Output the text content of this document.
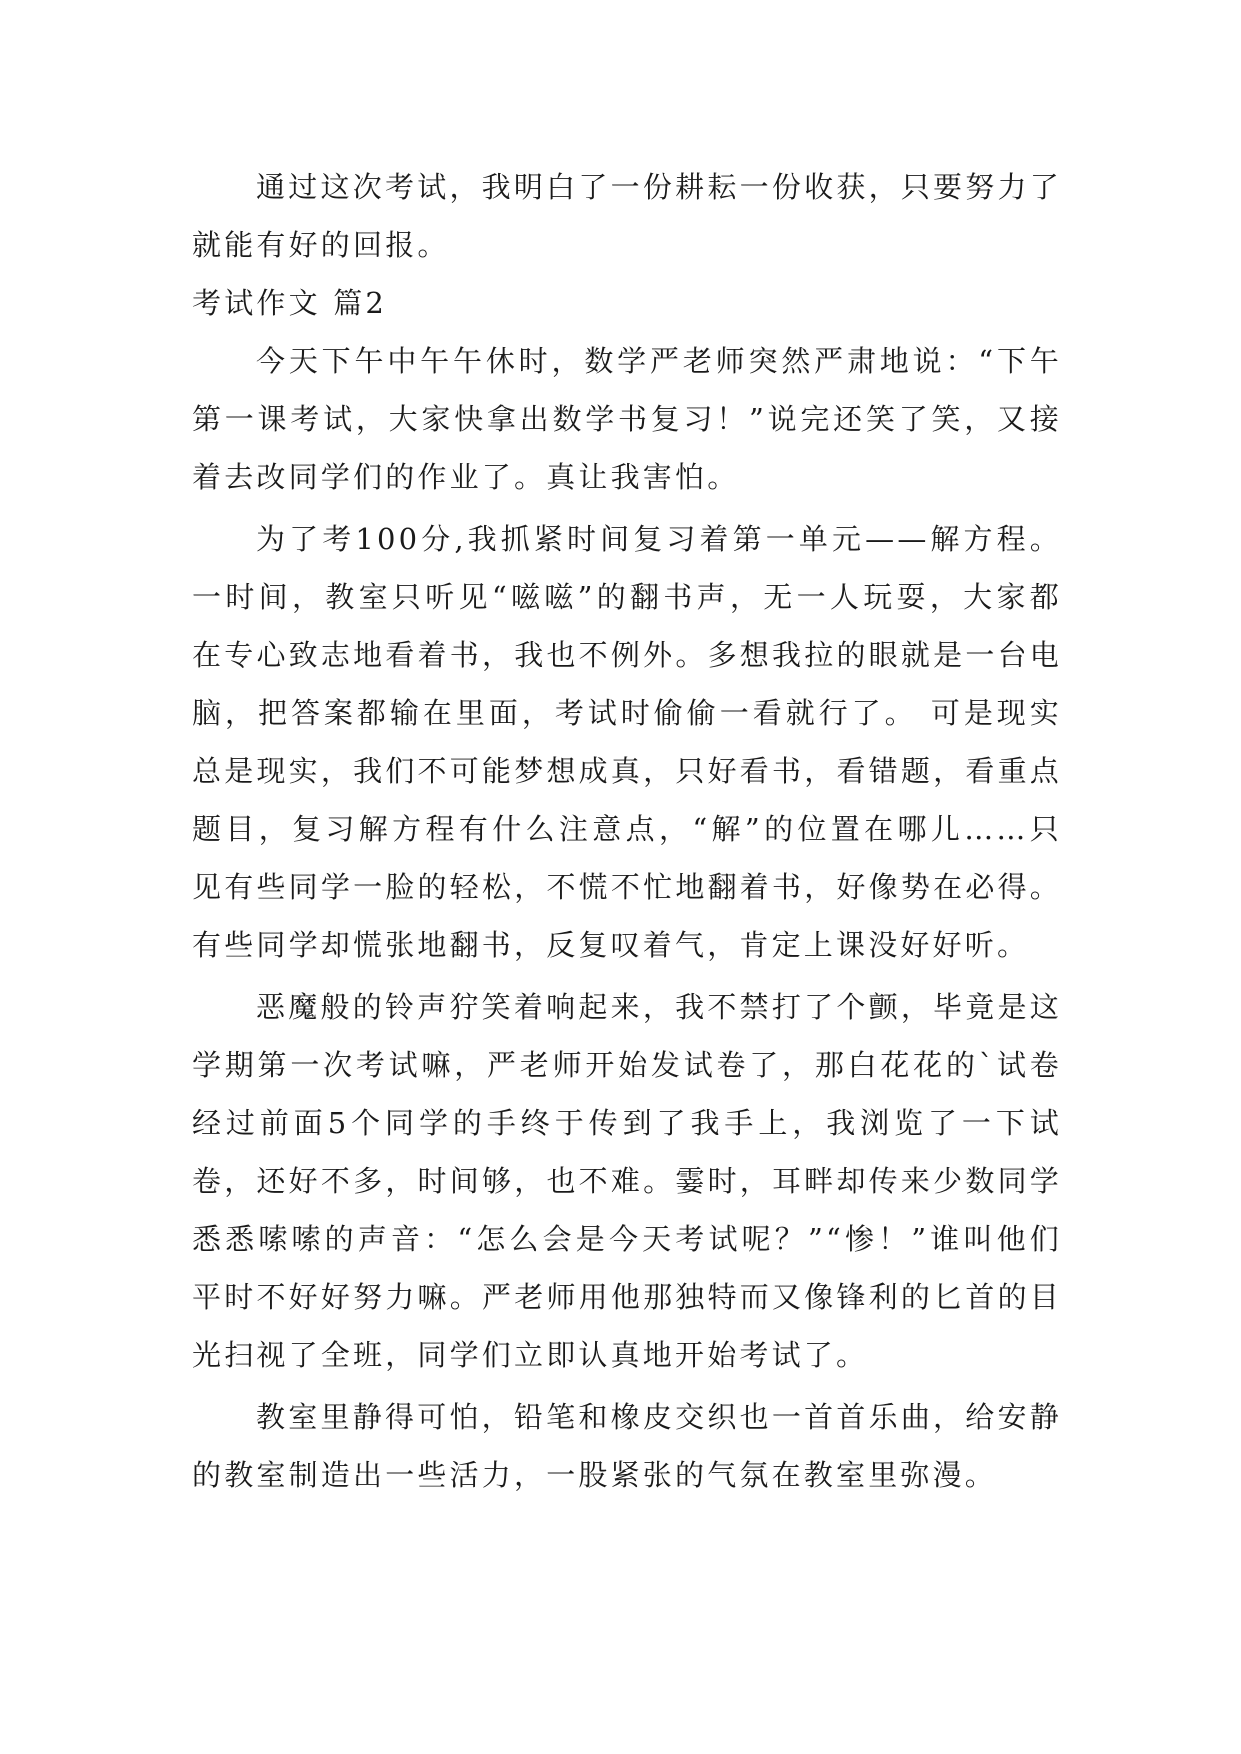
通过这次考试，我明白了一份耕耘一份收获，只要努力了就能有好的回报。

考试作文 篇2

今天下午中午午休时，数学严老师突然严肃地说：“下午第一课考试，大家快拿出数学书复习！”说完还笑了笑，又接着去改同学们的作业了。真让我害怕。

为了考100分,我抓紧时间复习着第一单元——解方程。一时间，教室只听见“嗞嗞”的翻书声，无一人玩耍，大家都在专心致志地看着书，我也不例外。多想我拉的眼就是一台电脑，把答案都输在里面，考试时偷偷一看就行了。 可是现实总是现实，我们不可能梦想成真，只好看书，看错题，看重点题目，复习解方程有什么注意点，“解”的位置在哪儿……只见有些同学一脸的轻松，不慌不忙地翻着书，好像势在必得。有些同学却慌张地翻书，反复叹着气，肯定上课没好好听。

恶魔般的铃声狞笑着响起来，我不禁打了个颤，毕竟是这学期第一次考试嘛，严老师开始发试卷了，那白花花的`试卷经过前面5个同学的手终于传到了我手上，我浏览了一下试卷，还好不多，时间够，也不难。霎时，耳畔却传来少数同学悉悉嗦嗦的声音：“怎么会是今天考试呢？”“惨！”谁叫他们平时不好好努力嘛。严老师用他那独特而又像锋利的匕首的目光扫视了全班，同学们立即认真地开始考试了。

教室里静得可怕，铅笔和橡皮交织也一首首乐曲，给安静的教室制造出一些活力，一股紧张的气氛在教室里弥漫。
